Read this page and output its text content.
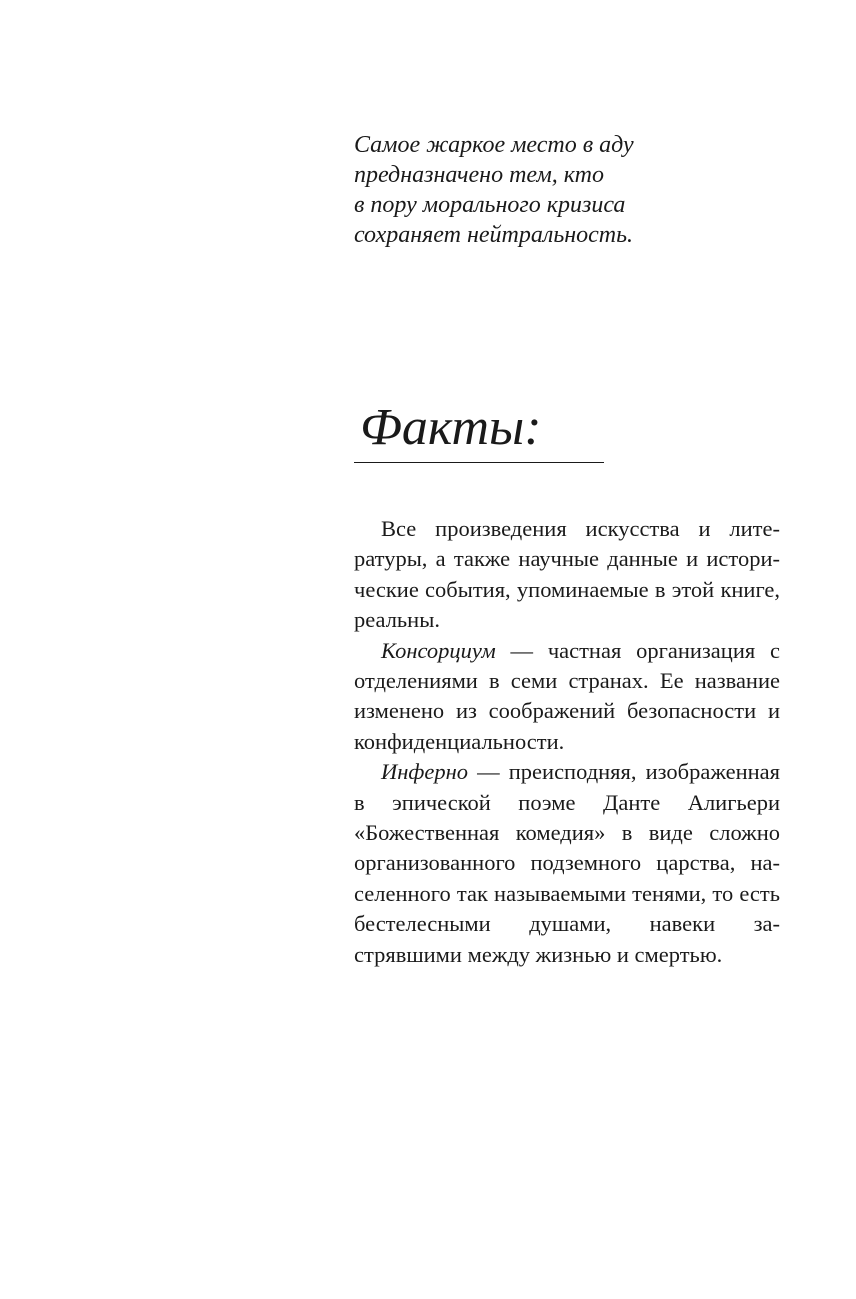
Самое жаркое место в аду
предназначено тем, кто
в пору морального кризиса
сохраняет нейтральность.
Факты:

Все произведения искусства и литературы, а также научные данные и исторические события, упоминаемые в этой книге, реальны.

Консорциум — частная организация с отделениями в семи странах. Ее название изменено из соображений безопасности и конфиденциальности.

Инферно — преисподняя, изображенная в эпической поэме Данте Алигьери «Божественная комедия» в виде сложно организованного подземного царства, населенного так называемыми тенями, то есть бестелесными душами, навеки застрявшими между жизнью и смертью.
